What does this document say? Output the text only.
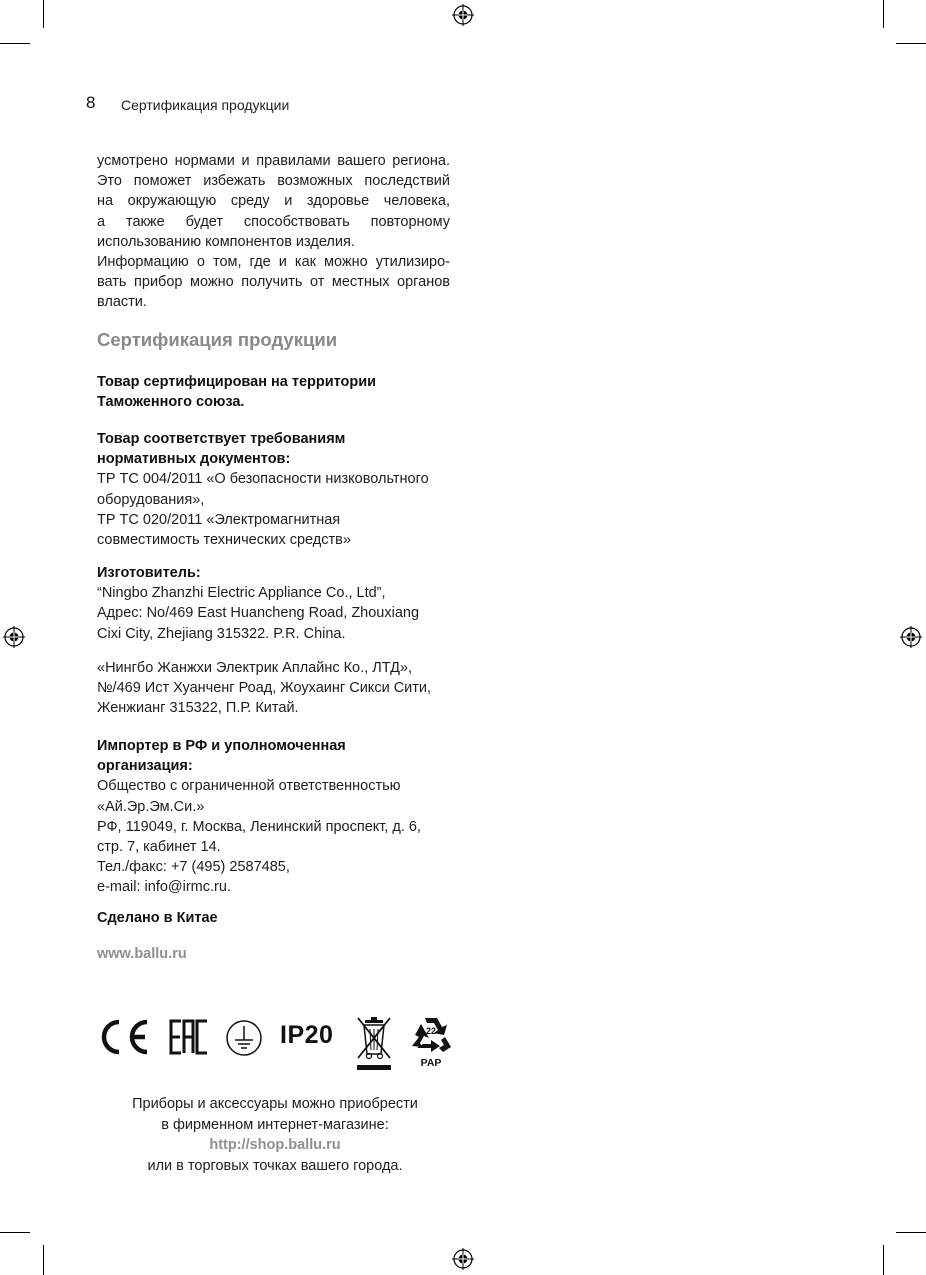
8 Сертификация продукции
усмотрено нормами и правилами вашего региона.
Это поможет избежать возможных последствий
на окружающую среду и здоровье человека,
а также будет способствовать повторному
использованию компонентов изделия.
Информацию о том, где и как можно утилизиро-
вать прибор можно получить от местных органов
власти.
Сертификация продукции
Товар сертифицирован на территории
Таможенного союза.
Товар соответствует требованиям
нормативных документов:
ТР ТС 004/2011 «О безопасности низковольтного
оборудования»,
ТР ТС 020/2011 «Электромагнитная
совместимость технических средств»
Изготовитель:
“Ningbo Zhanzhi Electric Appliance Co., Ltd”,
Адрес: No/469 East Huancheng Road, Zhouxiang
Cixi City, Zhejiang 315322. P.R. China.
«Нингбо Жанжхи Электрик Аплайнс Ко., ЛТД»,
№/469 Ист Хуанченг Роад, Жоухаинг Сикси Сити,
Женжианг 315322, П.Р. Китай.
Импортер в РФ и уполномоченная
организация:
Общество с ограниченной ответственностью
«Ай.Эр.Эм.Си.»
РФ, 119049, г. Москва, Ленинский проспект, д. 6,
стр. 7, кабинет 14.
Тел./факс: +7 (495) 2587485,
e-mail: info@irmc.ru.
Сделано в Китае
www.ballu.ru
IP20	22
PAP
Приборы и аксессуары можно приобрести
в фирменном интернет-магазине:
http://shop.ballu.ru
или в торговых точках вашего города.
